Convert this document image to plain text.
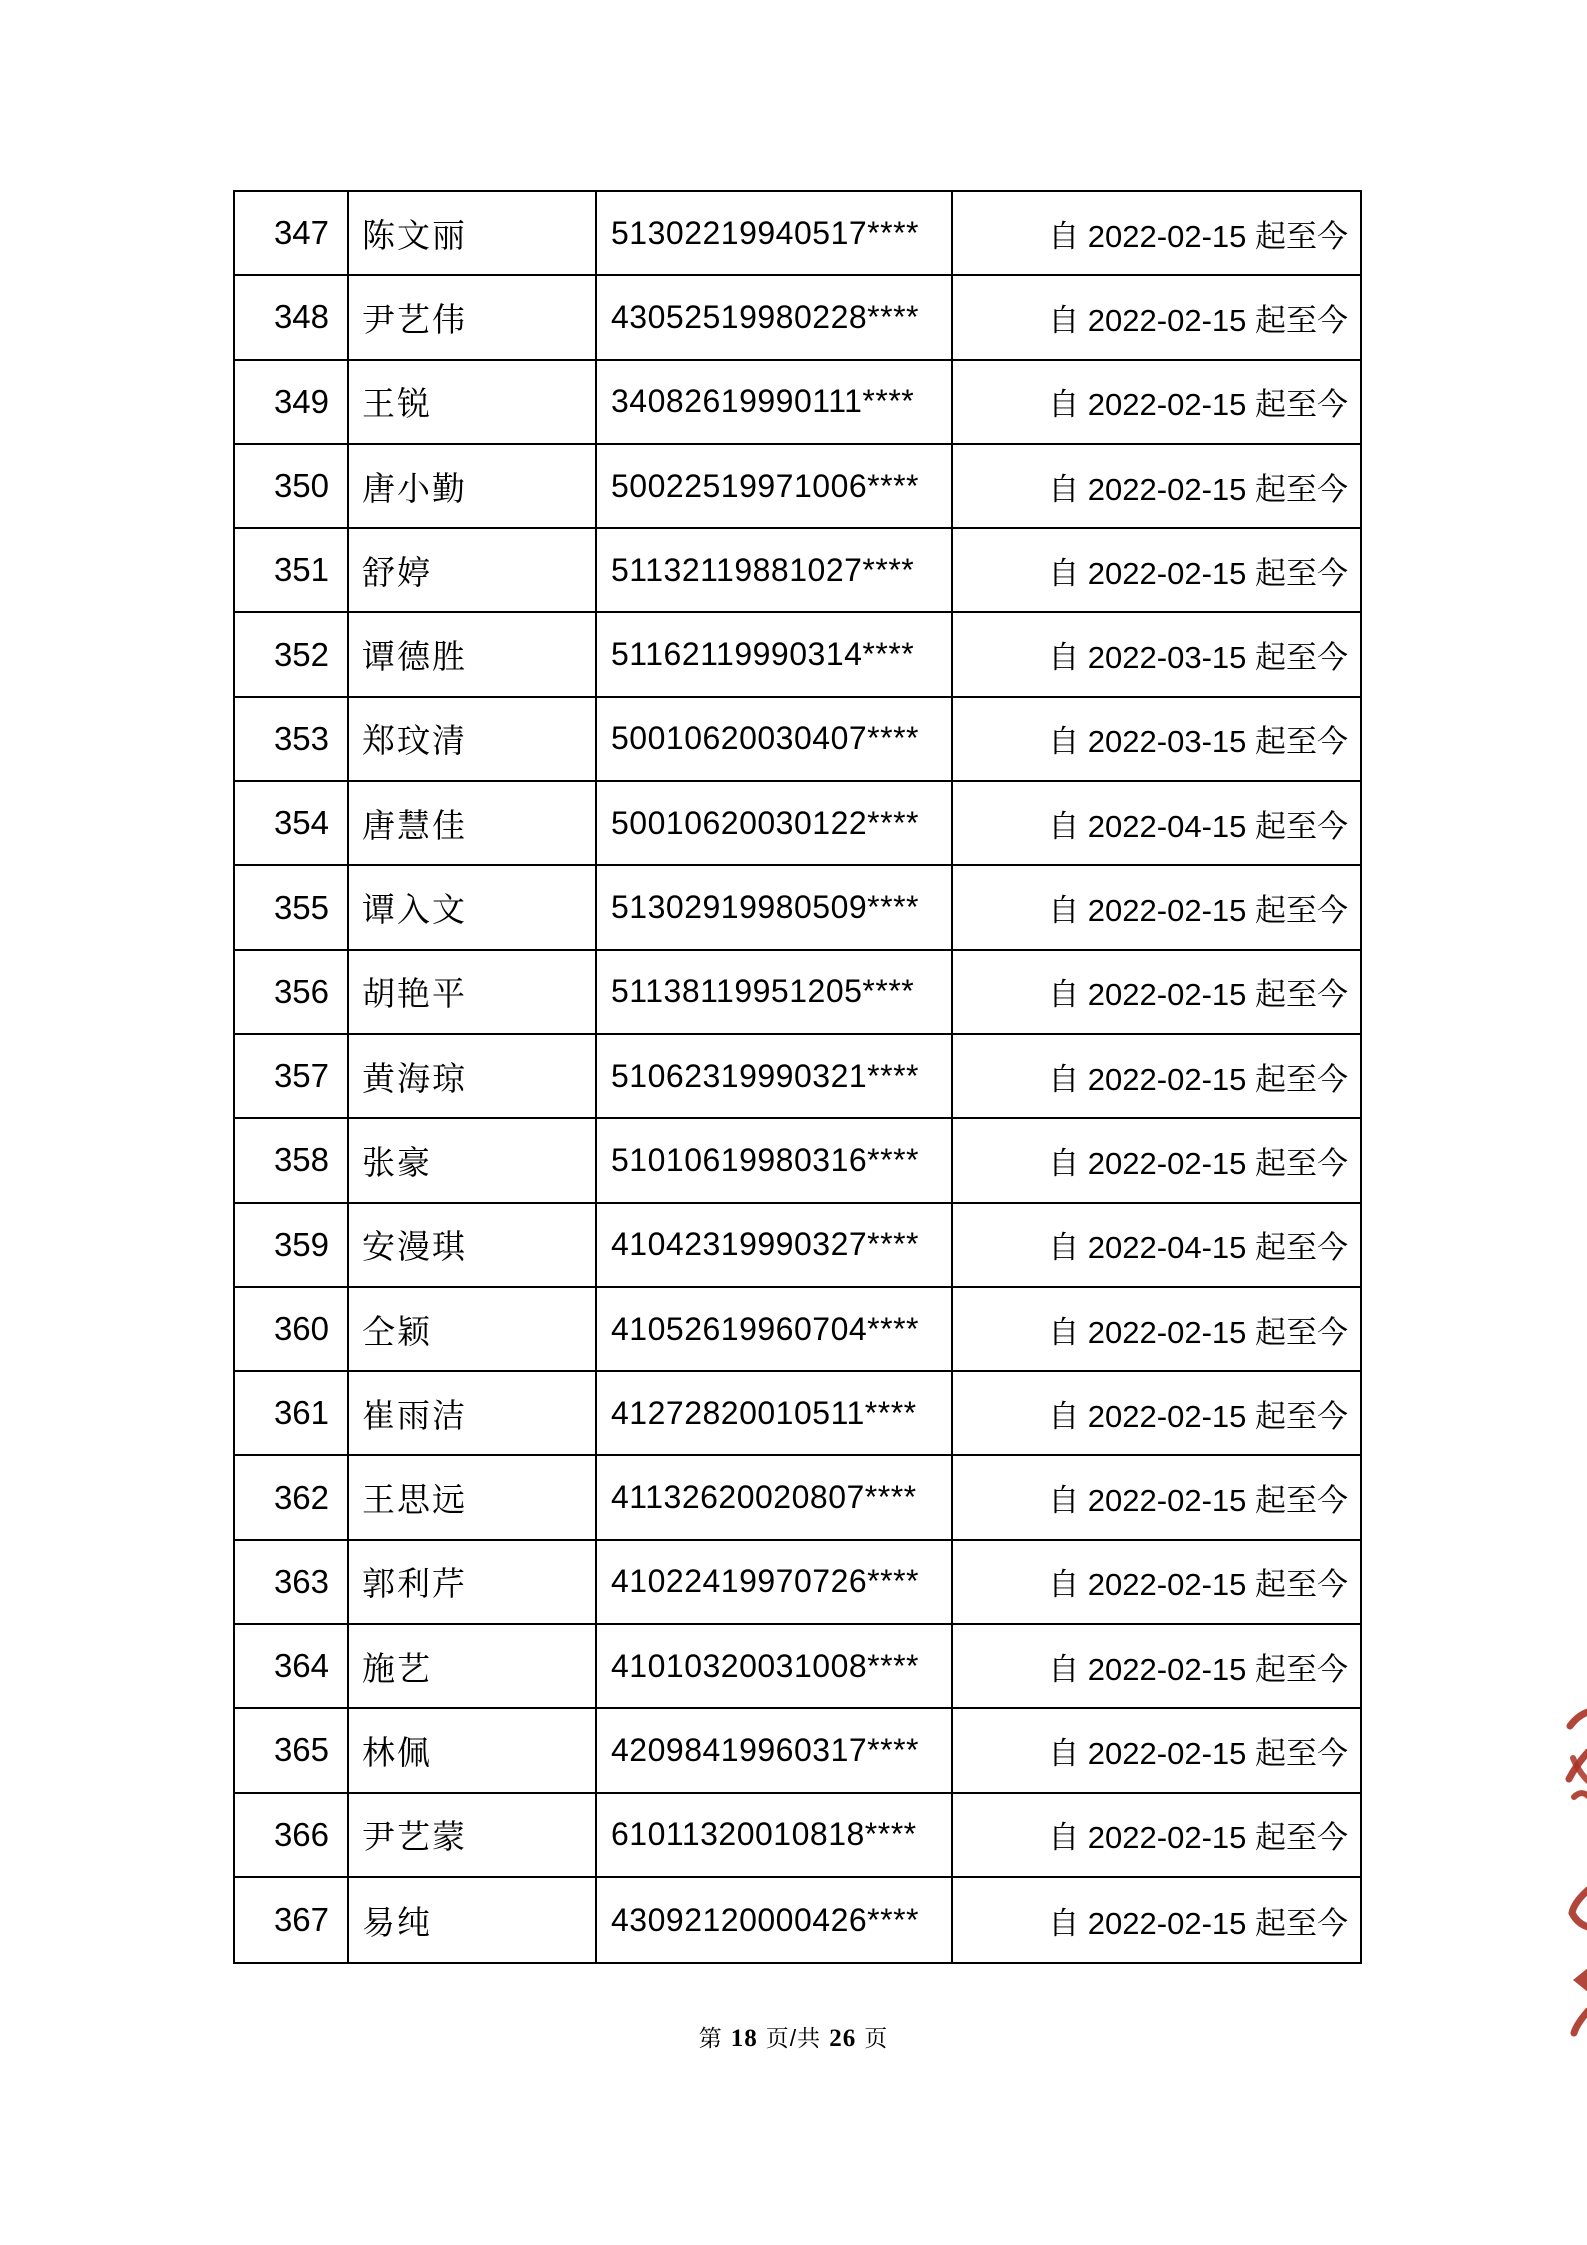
347	陈文丽	51302219940517****	自 2022-02-15 起至今
348	尹艺伟	43052519980228****	自 2022-02-15 起至今
349	王锐	34082619990111****	自 2022-02-15 起至今
350	唐小勤	50022519971006****	自 2022-02-15 起至今
351	舒婷	51132119881027****	自 2022-02-15 起至今
352	谭德胜	51162119990314****	自 2022-03-15 起至今
353	郑玟清	50010620030407****	自 2022-03-15 起至今
354	唐慧佳	50010620030122****	自 2022-04-15 起至今
355	谭入文	51302919980509****	自 2022-02-15 起至今
356	胡艳平	51138119951205****	自 2022-02-15 起至今
357	黄海琼	51062319990321****	自 2022-02-15 起至今
358	张豪	51010619980316****	自 2022-02-15 起至今
359	安漫琪	41042319990327****	自 2022-04-15 起至今
360	仝颖	41052619960704****	自 2022-02-15 起至今
361	崔雨洁	41272820010511****	自 2022-02-15 起至今
362	王思远	41132620020807****	自 2022-02-15 起至今
363	郭利芹	41022419970726****	自 2022-02-15 起至今
364	施艺	41010320031008****	自 2022-02-15 起至今
365	林佩	42098419960317****	自 2022-02-15 起至今
366	尹艺蒙	61011320010818****	自 2022-02-15 起至今
367	易纯	43092120000426****	自 2022-02-15 起至今
第 18 页/共 26 页
